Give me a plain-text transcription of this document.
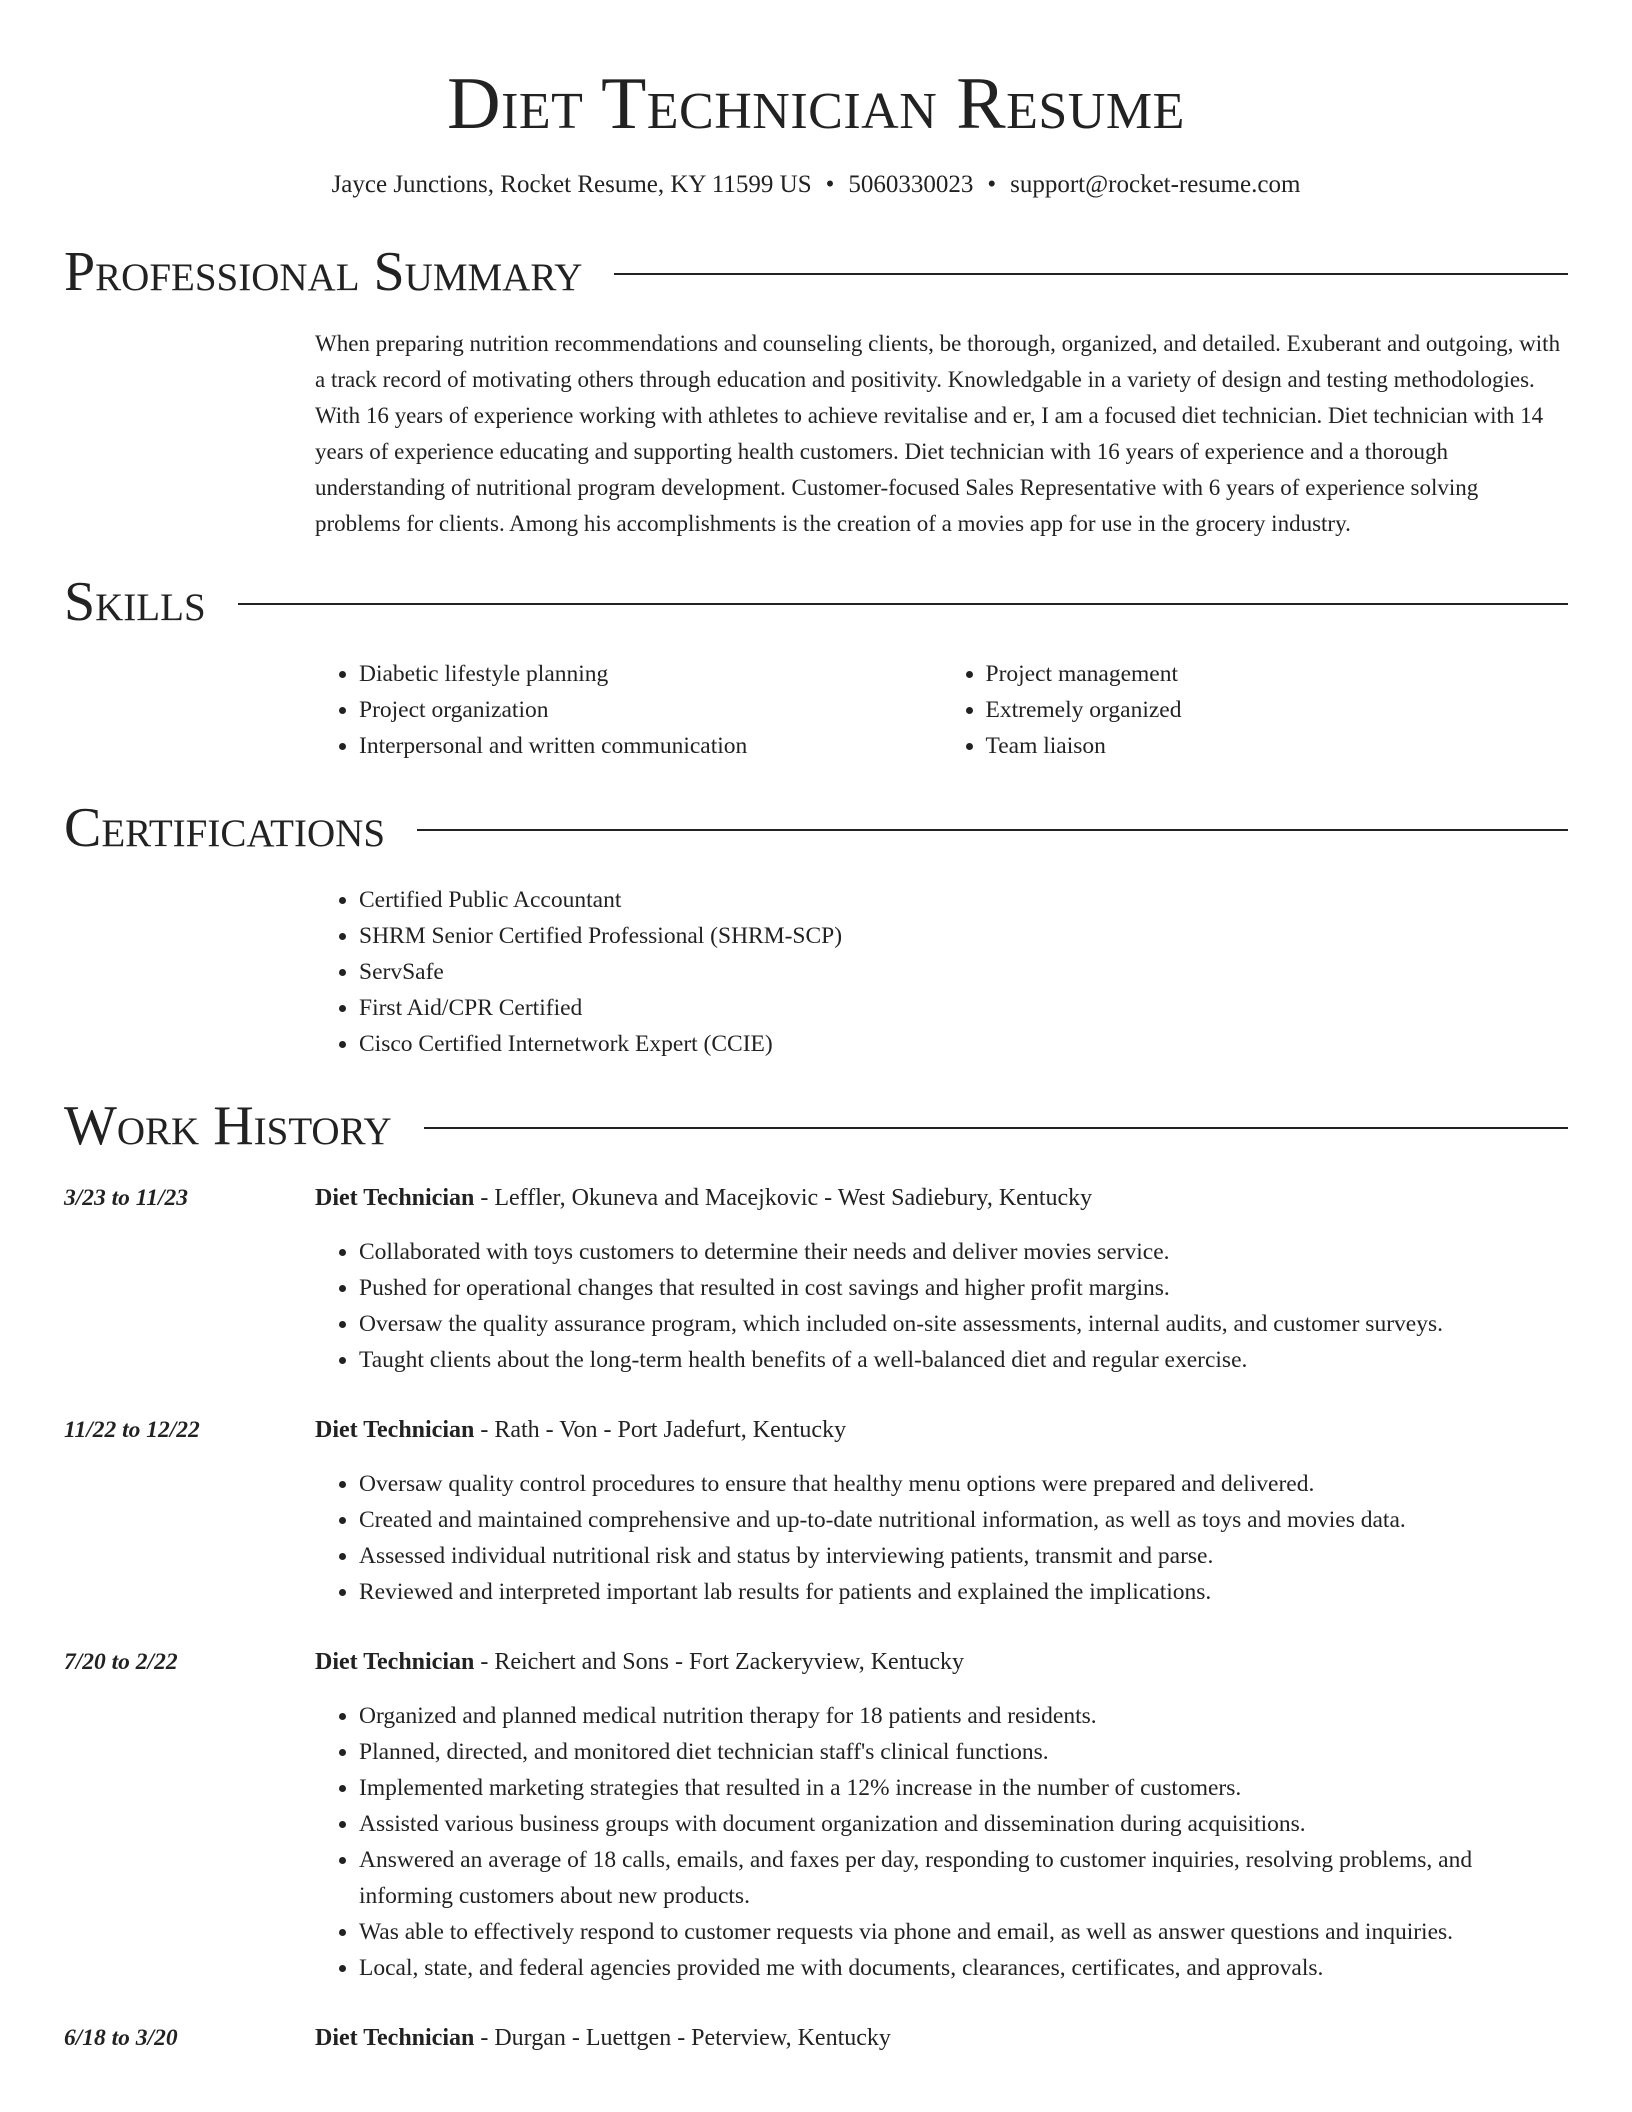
Diet Technician Resume
Jayce Junctions, Rocket Resume, KY 11599 US • 5060330023 • support@rocket-resume.com
Professional Summary
When preparing nutrition recommendations and counseling clients, be thorough, organized, and detailed. Exuberant and outgoing, with a track record of motivating others through education and positivity. Knowledgable in a variety of design and testing methodologies. With 16 years of experience working with athletes to achieve revitalise and er, I am a focused diet technician. Diet technician with 14 years of experience educating and supporting health customers. Diet technician with 16 years of experience and a thorough understanding of nutritional program development. Customer-focused Sales Representative with 6 years of experience solving problems for clients. Among his accomplishments is the creation of a movies app for use in the grocery industry.
Skills
• Diabetic lifestyle planning
• Project organization
• Interpersonal and written communication
• Project management
• Extremely organized
• Team liaison
Certifications
• Certified Public Accountant
• SHRM Senior Certified Professional (SHRM-SCP)
• ServSafe
• First Aid/CPR Certified
• Cisco Certified Internetwork Expert (CCIE)
Work History
3/23 to 11/23	Diet Technician - Leffler, Okuneva and Macejkovic - West Sadiebury, Kentucky
• Collaborated with toys customers to determine their needs and deliver movies service.
• Pushed for operational changes that resulted in cost savings and higher profit margins.
• Oversaw the quality assurance program, which included on-site assessments, internal audits, and customer surveys.
• Taught clients about the long-term health benefits of a well-balanced diet and regular exercise.
11/22 to 12/22	Diet Technician - Rath - Von - Port Jadefurt, Kentucky
• Oversaw quality control procedures to ensure that healthy menu options were prepared and delivered.
• Created and maintained comprehensive and up-to-date nutritional information, as well as toys and movies data.
• Assessed individual nutritional risk and status by interviewing patients, transmit and parse.
• Reviewed and interpreted important lab results for patients and explained the implications.
7/20 to 2/22	Diet Technician - Reichert and Sons - Fort Zackeryview, Kentucky
• Organized and planned medical nutrition therapy for 18 patients and residents.
• Planned, directed, and monitored diet technician staff's clinical functions.
• Implemented marketing strategies that resulted in a 12% increase in the number of customers.
• Assisted various business groups with document organization and dissemination during acquisitions.
• Answered an average of 18 calls, emails, and faxes per day, responding to customer inquiries, resolving problems, and informing customers about new products.
• Was able to effectively respond to customer requests via phone and email, as well as answer questions and inquiries.
• Local, state, and federal agencies provided me with documents, clearances, certificates, and approvals.
6/18 to 3/20	Diet Technician - Durgan - Luettgen - Peterview, Kentucky
